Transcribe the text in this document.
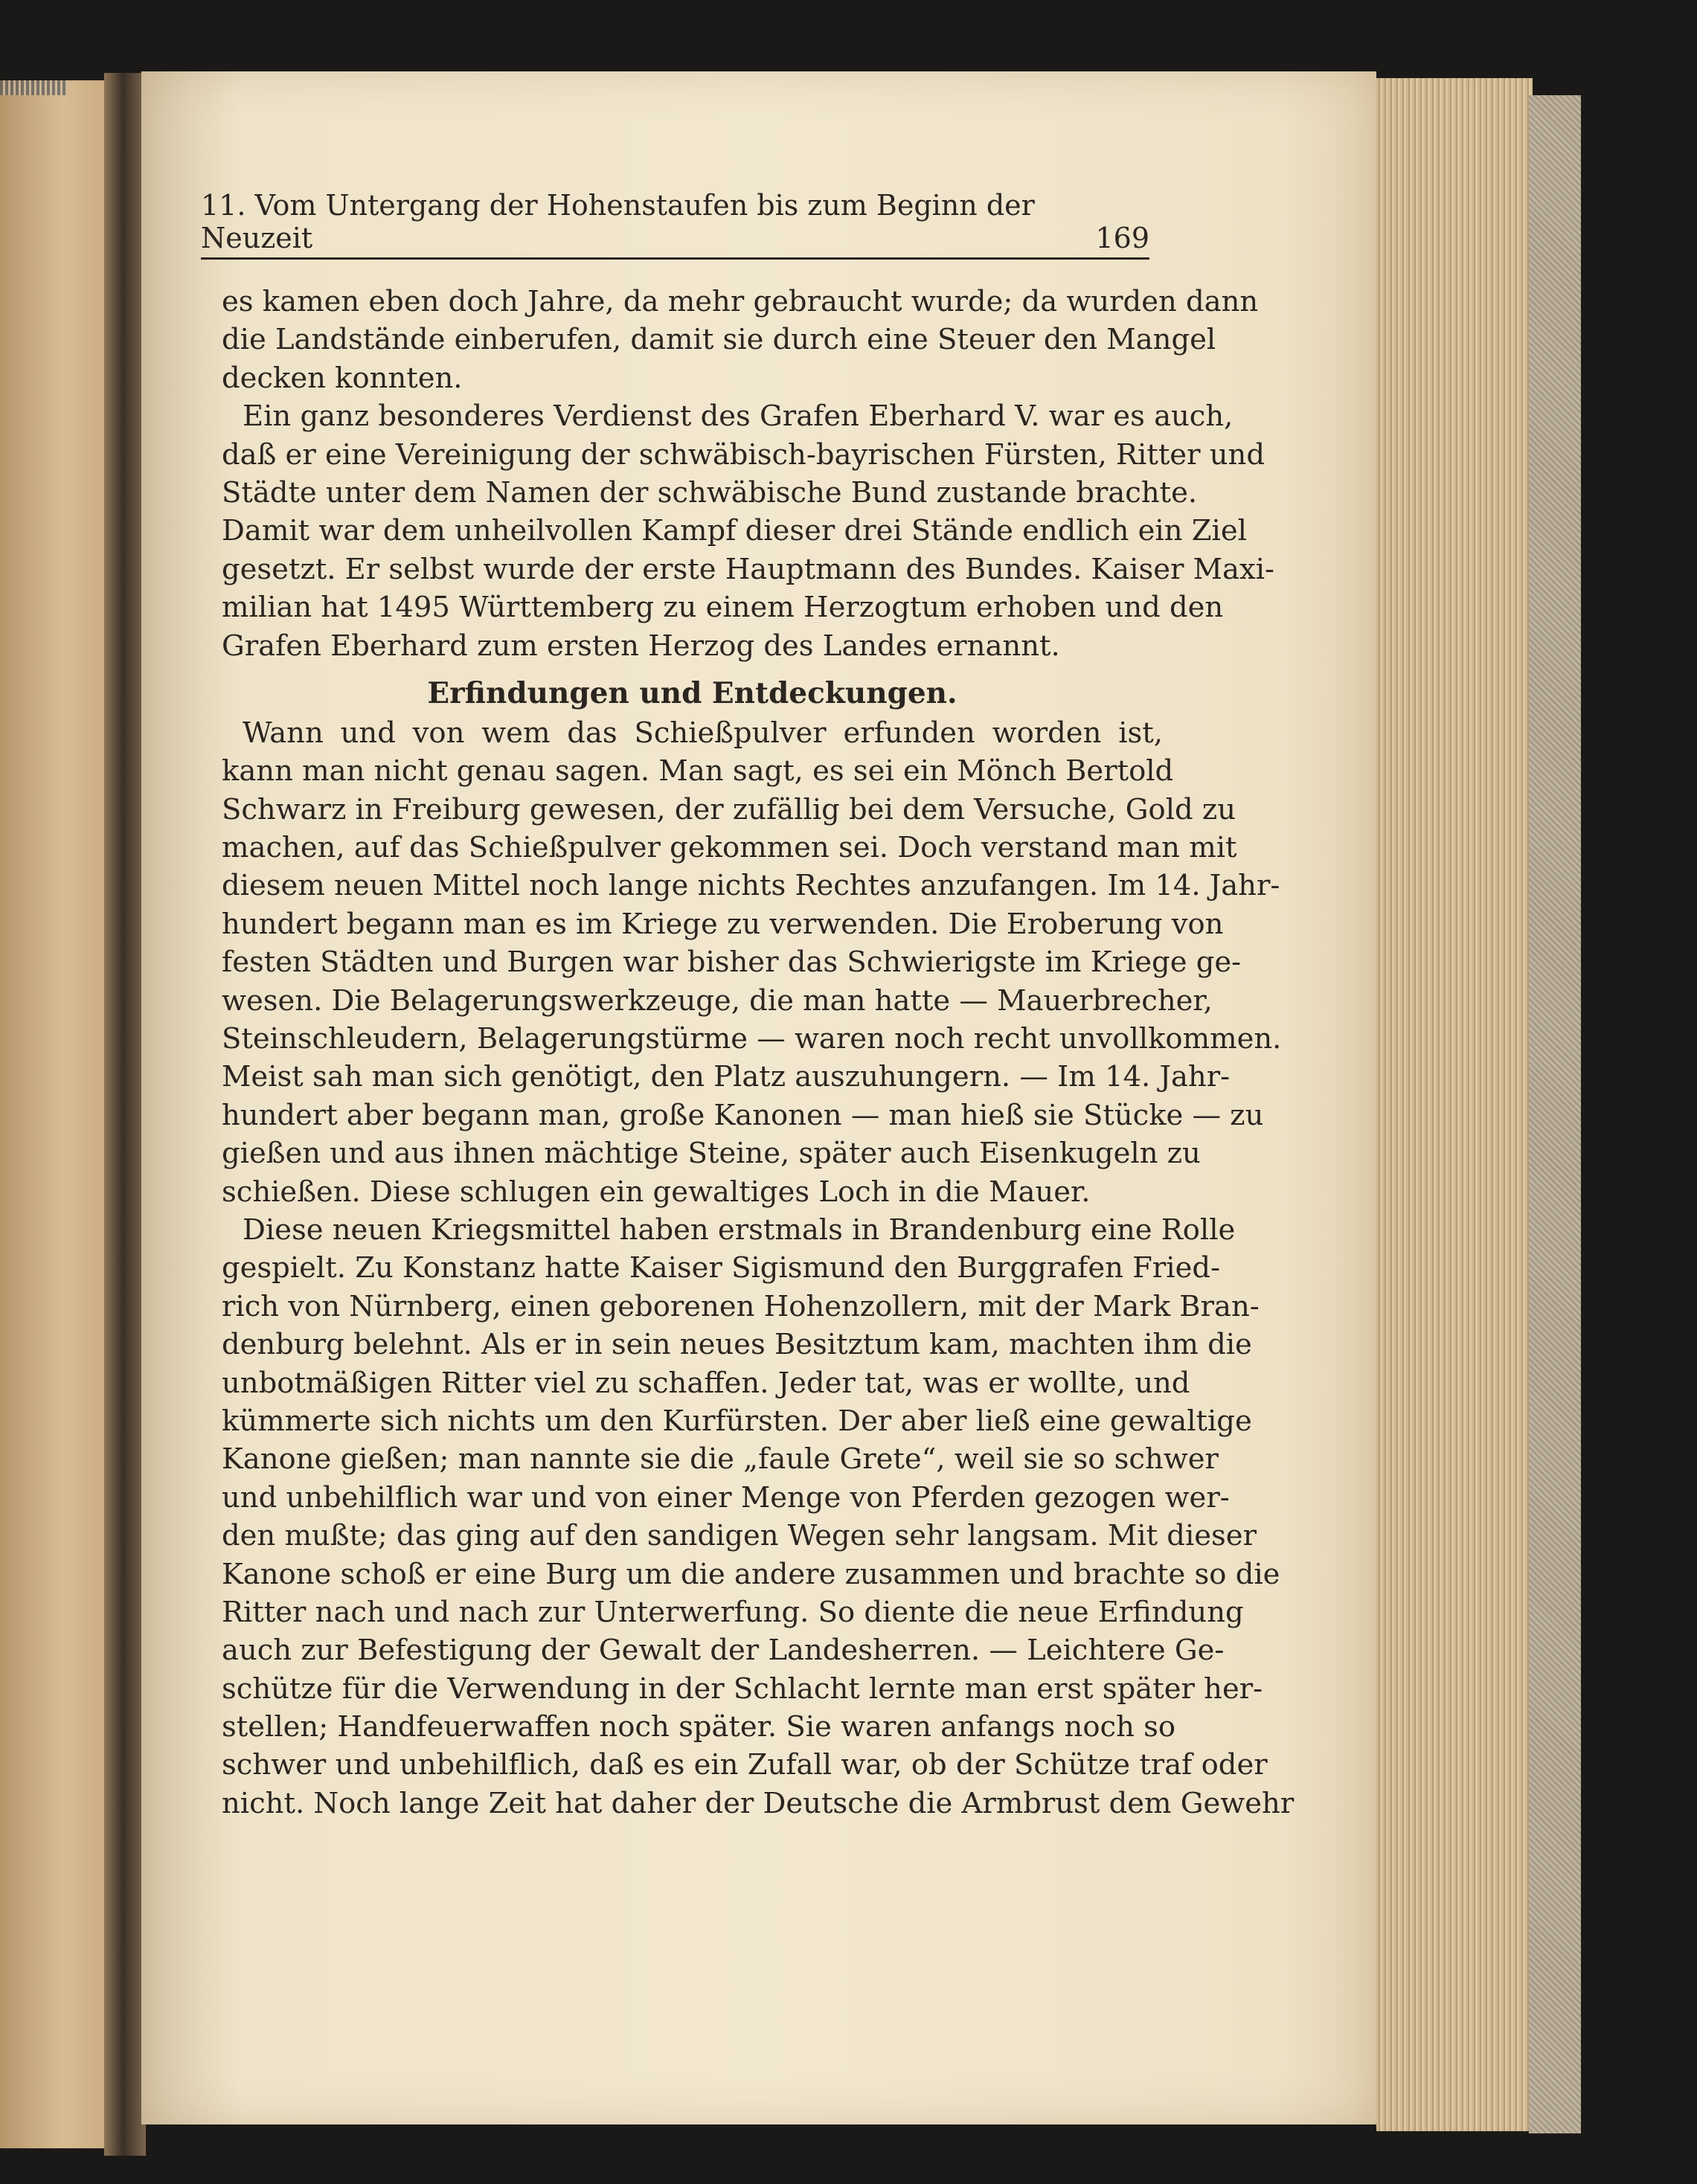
11. Vom Untergang der Hohenstaufen bis zum Beginn der Neuzeit	169
es kamen eben doch Jahre, da mehr gebraucht wurde; da wurden dann
die Landstände einberufen, damit sie durch eine Steuer den Mangel
decken konnten.
Ein ganz besonderes Verdienst des Grafen Eberhard V. war es auch,
daß er eine Vereinigung der schwäbisch-bayrischen Fürsten, Ritter und
Städte unter dem Namen der schwäbische Bund zustande brachte.
Damit war dem unheilvollen Kampf dieser drei Stände endlich ein Ziel
gesetzt. Er selbst wurde der erste Hauptmann des Bundes. Kaiser Maxi-
milian hat 1495 Württemberg zu einem Herzogtum erhoben und den
Grafen Eberhard zum ersten Herzog des Landes ernannt.
Erfindungen und Entdeckungen.
Wann und von wem das Schießpulver erfunden worden ist,
kann man nicht genau sagen. Man sagt, es sei ein Mönch Bertold
Schwarz in Freiburg gewesen, der zufällig bei dem Versuche, Gold zu
machen, auf das Schießpulver gekommen sei. Doch verstand man mit
diesem neuen Mittel noch lange nichts Rechtes anzufangen. Im 14. Jahr-
hundert begann man es im Kriege zu verwenden. Die Eroberung von
festen Städten und Burgen war bisher das Schwierigste im Kriege ge-
wesen. Die Belagerungswerkzeuge, die man hatte — Mauerbrecher,
Steinschleudern, Belagerungstürme — waren noch recht unvollkommen.
Meist sah man sich genötigt, den Platz auszuhungern. — Im 14. Jahr-
hundert aber begann man, große Kanonen — man hieß sie Stücke — zu
gießen und aus ihnen mächtige Steine, später auch Eisenkugeln zu
schießen. Diese schlugen ein gewaltiges Loch in die Mauer.
Diese neuen Kriegsmittel haben erstmals in Brandenburg eine Rolle
gespielt. Zu Konstanz hatte Kaiser Sigismund den Burggrafen Fried-
rich von Nürnberg, einen geborenen Hohenzollern, mit der Mark Bran-
denburg belehnt. Als er in sein neues Besitztum kam, machten ihm die
unbotmäßigen Ritter viel zu schaffen. Jeder tat, was er wollte, und
kümmerte sich nichts um den Kurfürsten. Der aber ließ eine gewaltige
Kanone gießen; man nannte sie die „faule Grete“, weil sie so schwer
und unbehilflich war und von einer Menge von Pferden gezogen wer-
den mußte; das ging auf den sandigen Wegen sehr langsam. Mit dieser
Kanone schoß er eine Burg um die andere zusammen und brachte so die
Ritter nach und nach zur Unterwerfung. So diente die neue Erfindung
auch zur Befestigung der Gewalt der Landesherren. — Leichtere Ge-
schütze für die Verwendung in der Schlacht lernte man erst später her-
stellen; Handfeuerwaffen noch später. Sie waren anfangs noch so
schwer und unbehilflich, daß es ein Zufall war, ob der Schütze traf oder
nicht. Noch lange Zeit hat daher der Deutsche die Armbrust dem Gewehr
